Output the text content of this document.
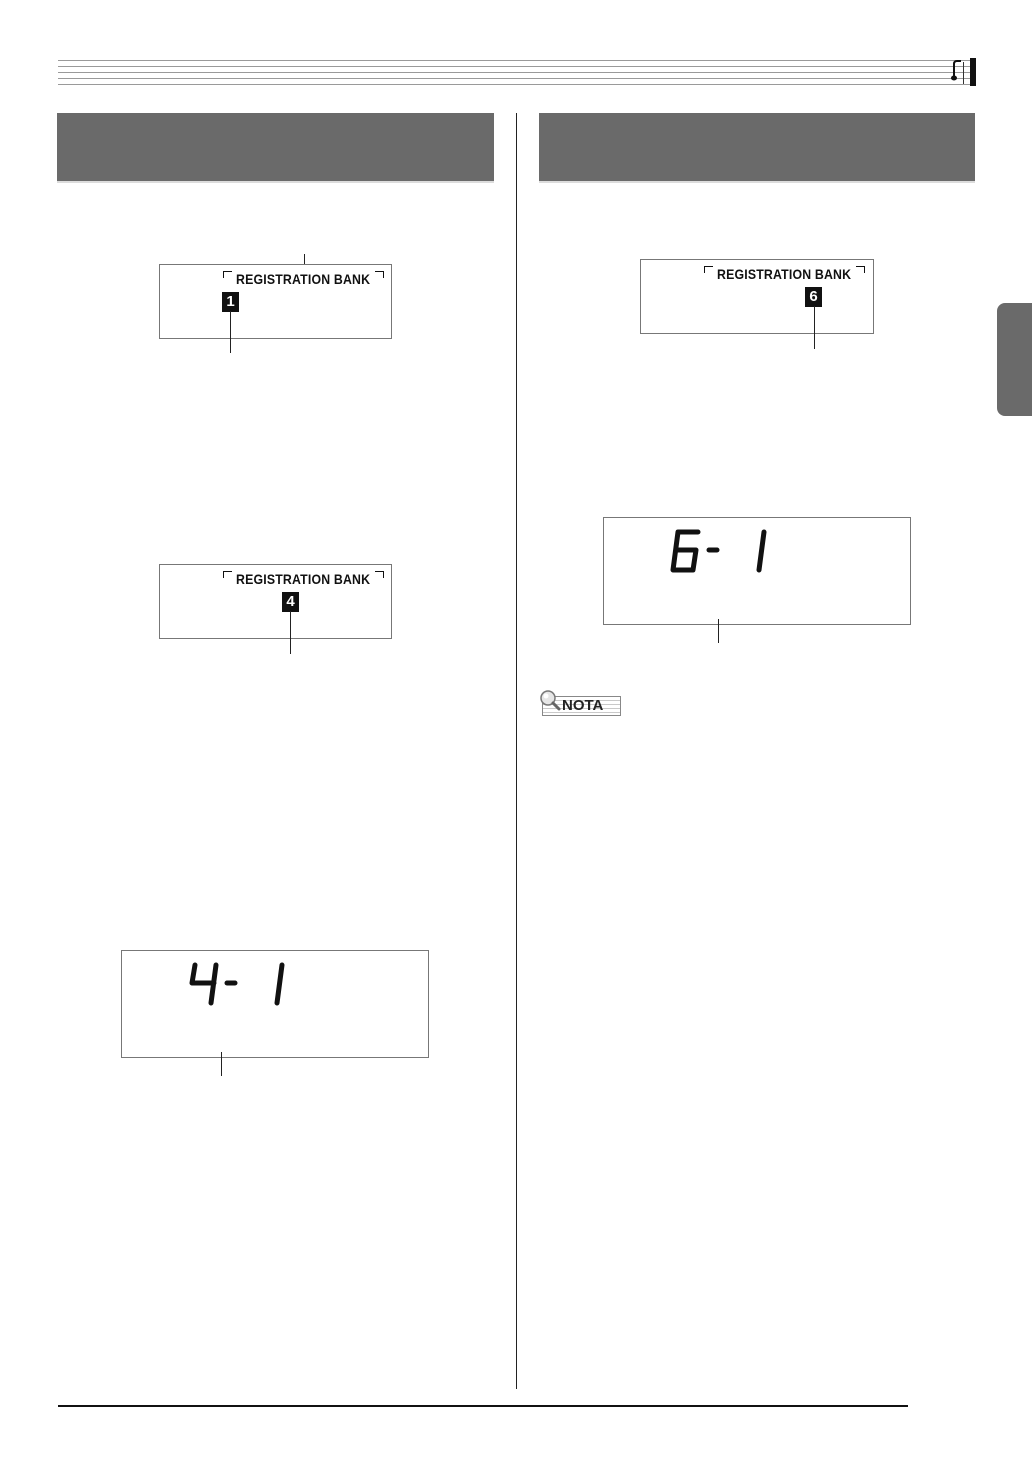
REGISTRATION BANK
1
REGISTRATION BANK
4
REGISTRATION BANK
6
NOTA
